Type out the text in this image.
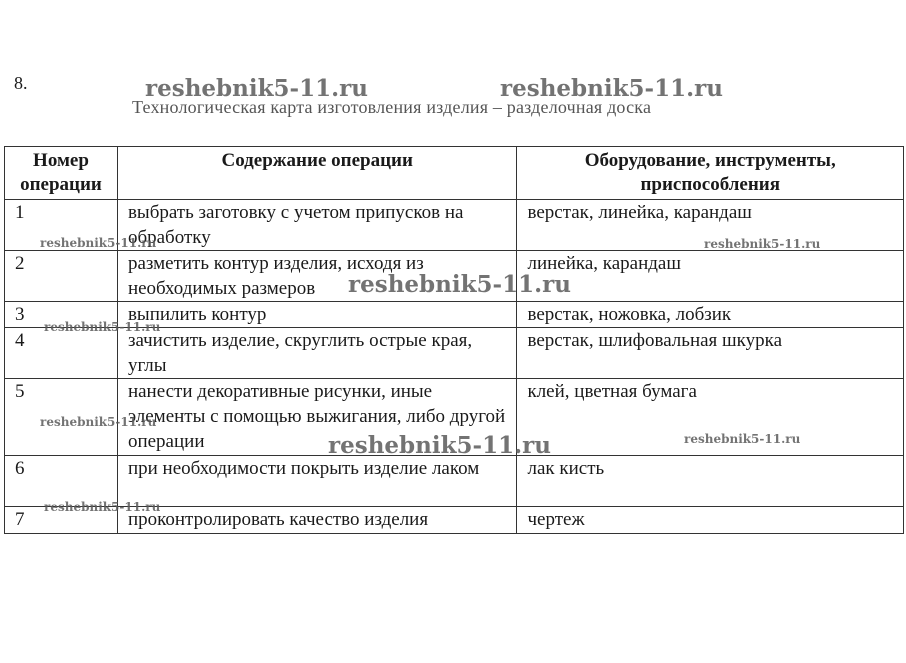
8.
Технологическая карта изготовления изделия – разделочная доска
Номер операции	Содержание операции	Оборудование, инструменты, приспособления
1	выбрать заготовку с учетом припусков на обработку	верстак, линейка, карандаш
2	разметить контур изделия, исходя из необходимых размеров	линейка, карандаш
3	выпилить контур	верстак, ножовка, лобзик
4	зачистить изделие, скруглить острые края, углы	верстак, шлифовальная шкурка
5	нанести декоративные рисунки, иные элементы с помощью выжигания, либо другой операции	клей, цветная бумага
6	при необходимости покрыть изделие лаком	лак кисть
7	проконтролировать качество изделия	чертеж
reshebnik5-11.ru	reshebnik5-11.ru
reshebnik5-11.ru
reshebnik5-11.ru
reshebnik5-11.ru	reshebnik5-11.ru
reshebnik5-11.ru
reshebnik5-11.ru
reshebnik5-11.ru
reshebnik5-11.ru
